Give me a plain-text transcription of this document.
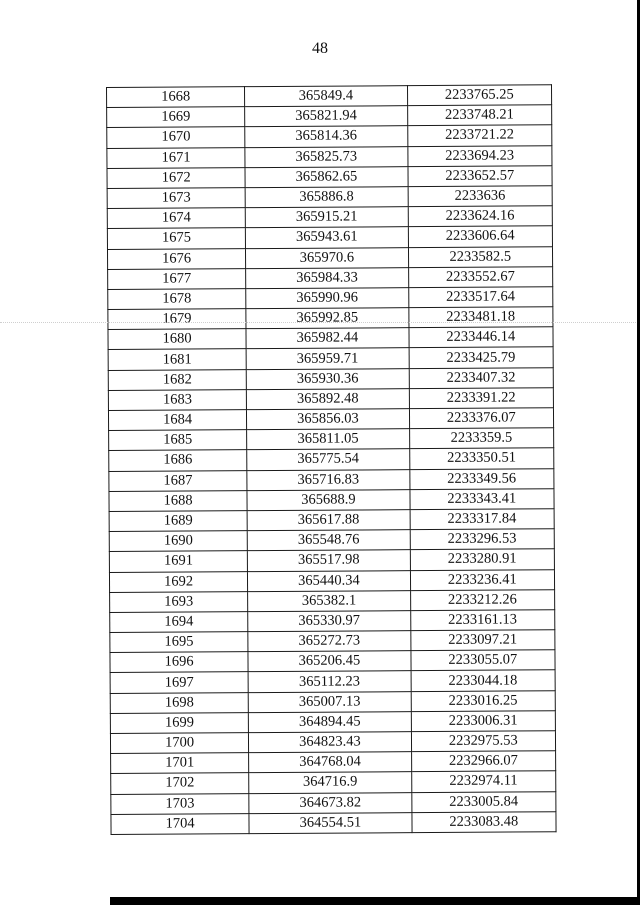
48
1668	365849.4	2233765.25
1669	365821.94	2233748.21
1670	365814.36	2233721.22
1671	365825.73	2233694.23
1672	365862.65	2233652.57
1673	365886.8	2233636
1674	365915.21	2233624.16
1675	365943.61	2233606.64
1676	365970.6	2233582.5
1677	365984.33	2233552.67
1678	365990.96	2233517.64
1679	365992.85	2233481.18
1680	365982.44	2233446.14
1681	365959.71	2233425.79
1682	365930.36	2233407.32
1683	365892.48	2233391.22
1684	365856.03	2233376.07
1685	365811.05	2233359.5
1686	365775.54	2233350.51
1687	365716.83	2233349.56
1688	365688.9	2233343.41
1689	365617.88	2233317.84
1690	365548.76	2233296.53
1691	365517.98	2233280.91
1692	365440.34	2233236.41
1693	365382.1	2233212.26
1694	365330.97	2233161.13
1695	365272.73	2233097.21
1696	365206.45	2233055.07
1697	365112.23	2233044.18
1698	365007.13	2233016.25
1699	364894.45	2233006.31
1700	364823.43	2232975.53
1701	364768.04	2232966.07
1702	364716.9	2232974.11
1703	364673.82	2233005.84
1704	364554.51	2233083.48
